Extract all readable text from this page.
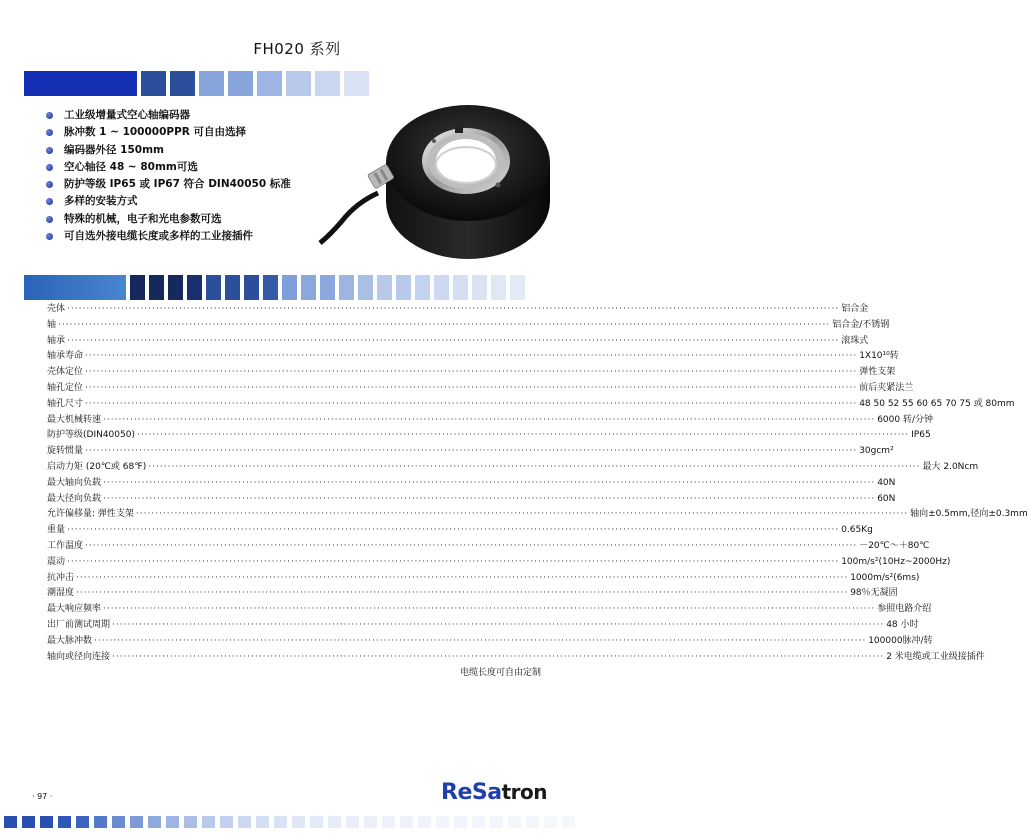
FH020 系列
工业级增量式空心轴编码器
脉冲数 1 ~ 100000PPR 可自由选择
编码器外径 150mm
空心轴径 48 ~ 80mm可选
防护等级 IP65 或 IP67 符合 DIN40050 标准
多样的安装方式
特殊的机械，电子和光电参数可选
可自选外接电缆长度或多样的工业接插件
壳体 ········································································································································································································ 铝合金
轴 ········································································································································································································ 铝合金/不锈钢
轴承 ········································································································································································································ 滚珠式
轴承寿命 ········································································································································································································ 1X10¹⁰转
壳体定位 ········································································································································································································ 弹性支架
轴孔定位 ········································································································································································································ 前后夹紧法兰
轴孔尺寸 ········································································································································································································ 48 50 52 55 60 65 70 75 或 80mm
最大机械转速 ········································································································································································································ 6000 转/分钟
防护等级(DIN40050) ········································································································································································································ IP65
旋转惯量 ········································································································································································································ 30gcm²
启动力矩 (20℃或 68℉) ········································································································································································································ 最大 2.0Ncm
最大轴向负载 ········································································································································································································ 40N
最大径向负载 ········································································································································································································ 60N
允许偏移量: 弹性支架 ········································································································································································································ 轴向±0.5mm,径向±0.3mm
重量 ········································································································································································································ 0.65Kg
工作温度 ········································································································································································································ －20℃～＋80℃
震动 ········································································································································································································ 100m/s²(10Hz~2000Hz)
抗冲击 ········································································································································································································ 1000m/s²(6ms)
潮湿度 ········································································································································································································ 98％无凝固
最大响应频率 ········································································································································································································ 参照电路介绍
出厂前测试周期 ········································································································································································································ 48 小时
最大脉冲数 ········································································································································································································ 100000脉冲/转
轴向或径向连接 ········································································································································································································ 2 米电缆或工业级接插件
电缆长度可自由定制
· 97 ·	ReSatron
